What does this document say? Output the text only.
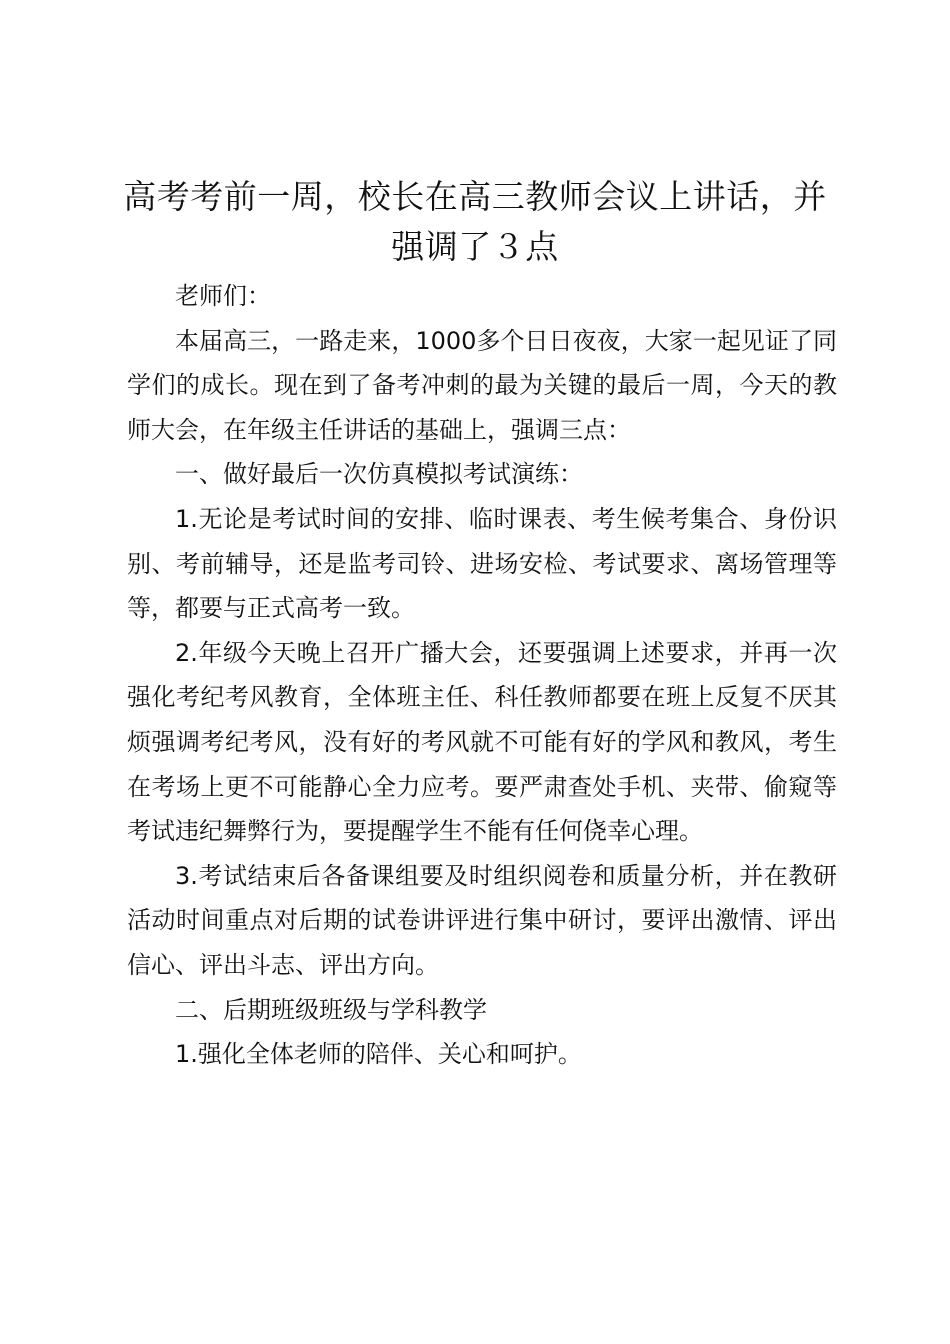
高考考前一周，校长在高三教师会议上讲话，并强调了３点

老师们：

本届高三，一路走来，1000多个日日夜夜，大家一起见证了同学们的成长。现在到了备考冲刺的最为关键的最后一周，今天的教师大会，在年级主任讲话的基础上，强调三点：

一、做好最后一次仿真模拟考试演练：

1.无论是考试时间的安排、临时课表、考生候考集合、身份识别、考前辅导，还是监考司铃、进场安检、考试要求、离场管理等等，都要与正式高考一致。

2.年级今天晚上召开广播大会，还要强调上述要求，并再一次强化考纪考风教育，全体班主任、科任教师都要在班上反复不厌其烦强调考纪考风，没有好的考风就不可能有好的学风和教风，考生在考场上更不可能静心全力应考。要严肃查处手机、夹带、偷窥等考试违纪舞弊行为，要提醒学生不能有任何侥幸心理。

3.考试结束后各备课组要及时组织阅卷和质量分析，并在教研活动时间重点对后期的试卷讲评进行集中研讨，要评出激情、评出信心、评出斗志、评出方向。

二、后期班级班级与学科教学

1.强化全体老师的陪伴、关心和呵护。
